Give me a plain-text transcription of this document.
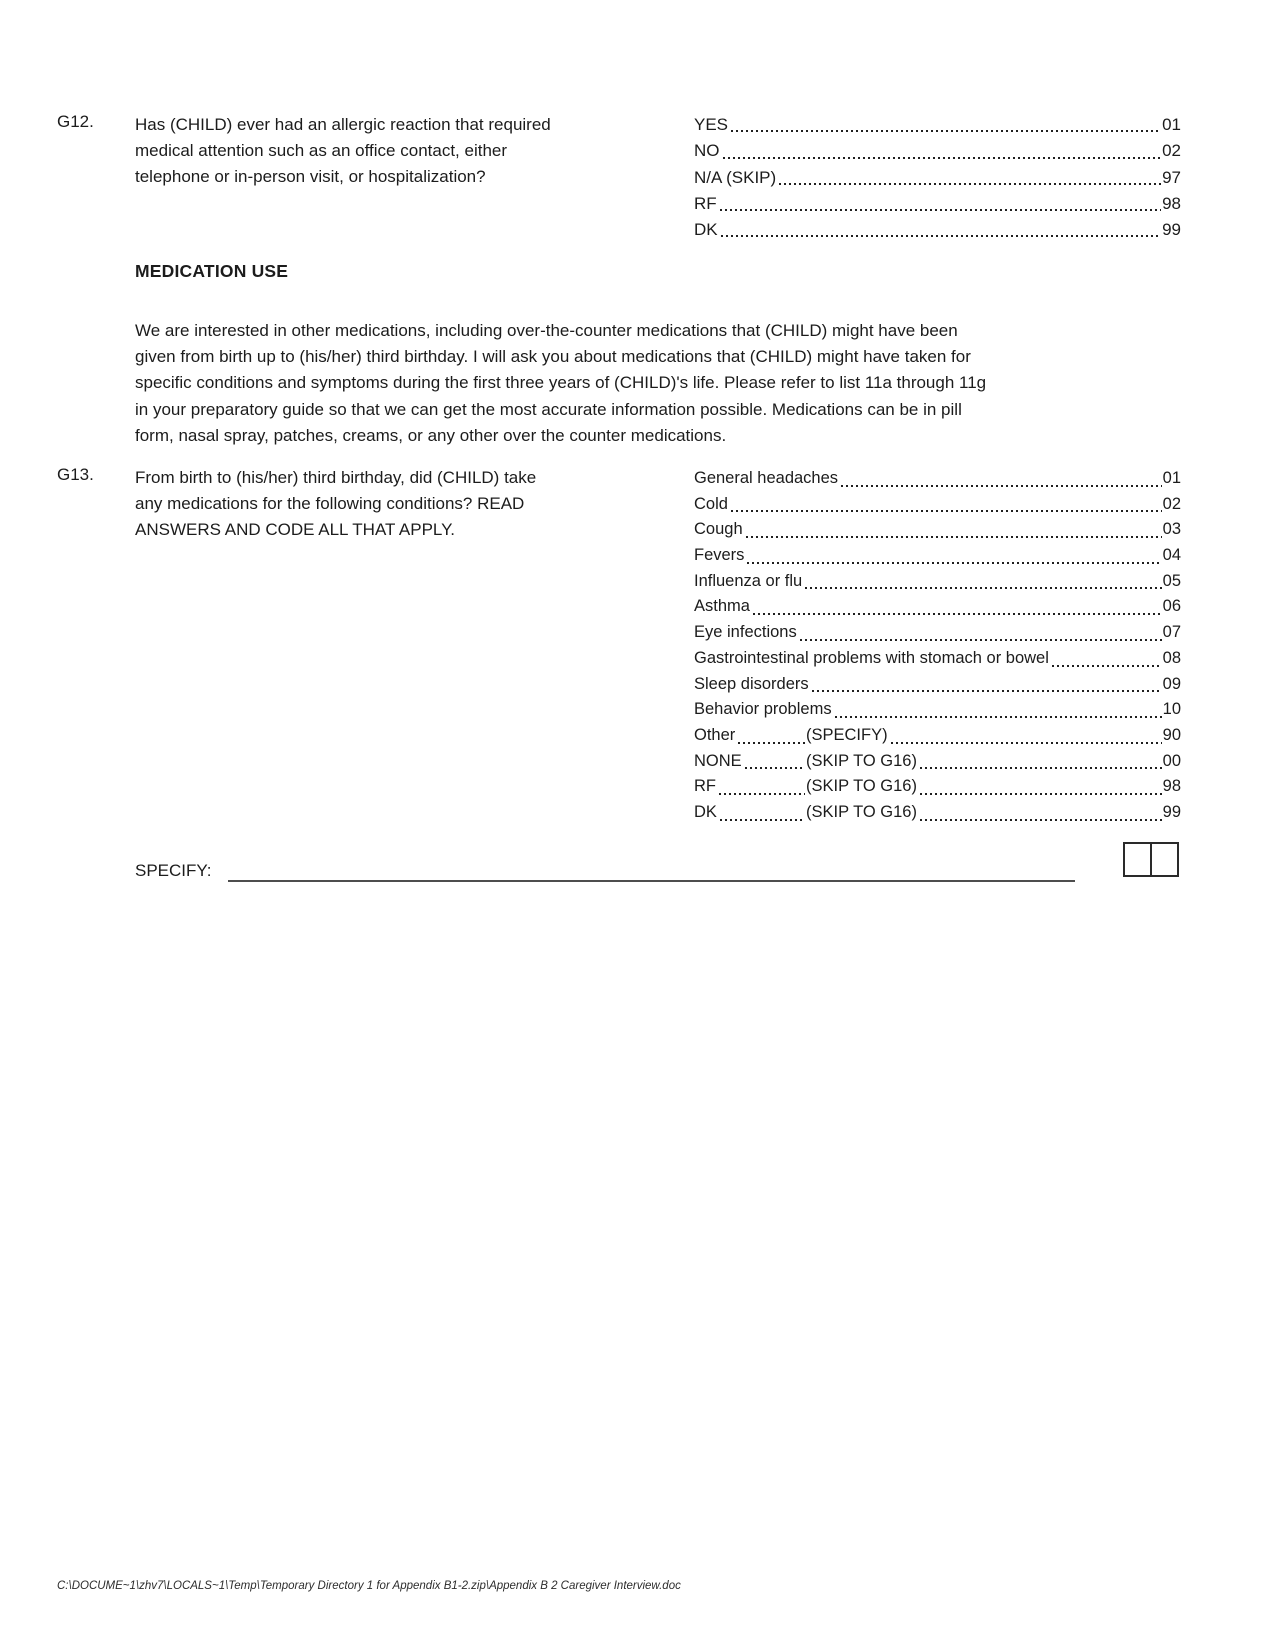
G12. Has (CHILD) ever had an allergic reaction that required
medical attention such as an office contact, either
telephone or in-person visit, or hospitalization?
YES	01
NO	02
N/A (SKIP)	97
RF	98
DK	99
MEDICATION USE
We are interested in other medications, including over-the-counter medications that (CHILD) might have been
given from birth up to (his/her) third birthday. I will ask you about medications that (CHILD) might have taken for
specific conditions and symptoms during the first three years of (CHILD)'s life. Please refer to list 11a through 11g
in your preparatory guide so that we can get the most accurate information possible. Medications can be in pill
form, nasal spray, patches, creams, or any other over the counter medications.
G13. From birth to (his/her) third birthday, did (CHILD) take
any medications for the following conditions? READ
ANSWERS AND CODE ALL THAT APPLY.
General headaches	01
Cold	02
Cough	03
Fevers	04
Influenza or flu	05
Asthma	06
Eye infections	07
Gastrointestinal problems with stomach or bowel	08
Sleep disorders	09
Behavior problems	10
Other	(SPECIFY)	90
NONE	(SKIP TO G16)	00
RF	(SKIP TO G16)	98
DK	(SKIP TO G16)	99
SPECIFY:
C:\DOCUME~1\zhv7\LOCALS~1\Temp\Temporary Directory 1 for Appendix B1-2.zip\Appendix B 2 Caregiver Interview.doc
